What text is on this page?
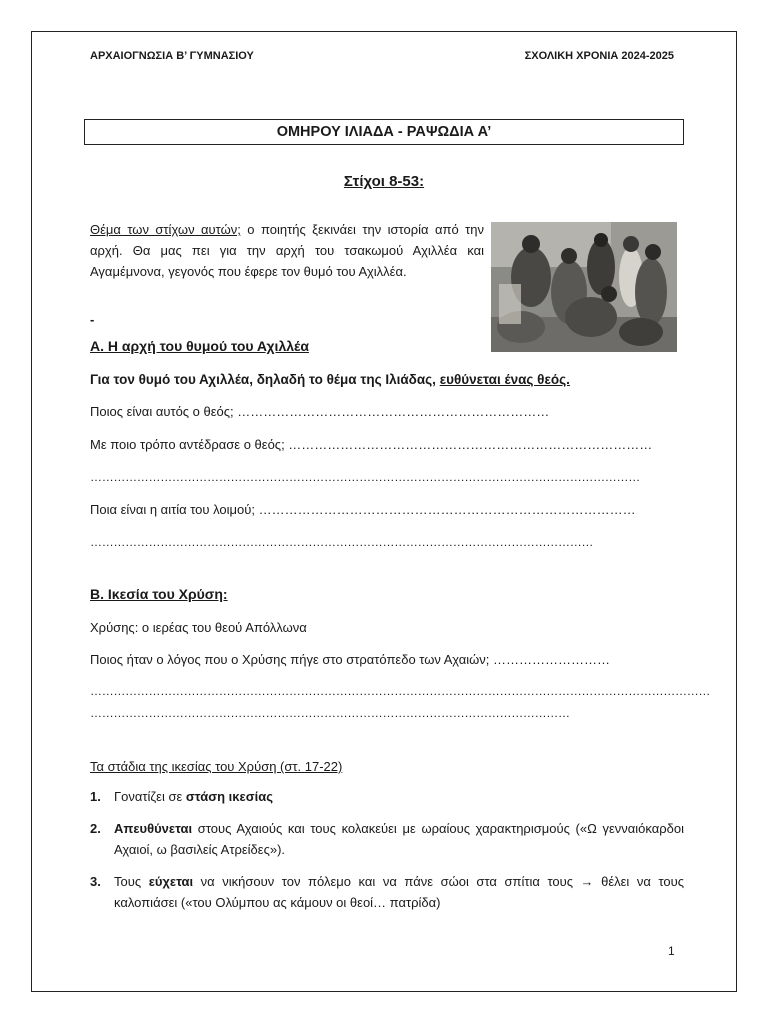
ΑΡΧΑΙΟΓΝΩΣΙΑ Β’ ΓΥΜΝΑΣΙΟΥ	ΣΧΟΛΙΚΗ ΧΡΟΝΙΑ 2024-2025
ΟΜΗΡΟΥ ΙΛΙΑΔΑ - ΡΑΨΩΔΙΑ Α’
Στίχοι 8-53:
Θέμα των στίχων αυτών; ο ποιητής ξεκινάει την ιστορία από την αρχή. Θα μας πει για την αρχή του τσακωμού Αχιλλέα και Αγαμέμνονα, γεγονός που έφερε τον θυμό του Αχιλλέα.
-
Α. Η αρχή του θυμού του Αχιλλέα
Για τον θυμό του Αχιλλέα, δηλαδή το θέμα της Ιλιάδας, ευθύνεται ένας θεός.
Ποιος είναι αυτός ο θεός; ………………………………………………………………
Με ποιο τρόπο αντέδρασε ο θεός; …………………………………………………………………………
……………………………………………………………………………………………………………………………
Ποια είναι η αιτία του λοιμού; ……………………………………………………………………………
…………………………………………………………………………………………………………………
Β. Ικεσία του Χρύση:
Χρύσης: ο ιερέας του θεού Απόλλωνα
Ποιος ήταν ο λόγος που ο Χρύσης πήγε στο στρατόπεδο των Αχαιών; ………………………
……………………………………………………………………………………………………………………………………………
……………………………………………………………………………………………………………
Τα στάδια της ικεσίας του Χρύση (στ. 17-22)
1. Γονατίζει σε στάση ικεσίας
2. Απευθύνεται στους Αχαιούς και τους κολακεύει με ωραίους χαρακτηρισμούς («Ω γενναιόκαρδοι Αχαιοί, ω βασιλείς Ατρείδες»).
3. Τους εύχεται να νικήσουν τον πόλεμο και να πάνε σώοι στα σπίτια τους → θέλει να τους καλοπιάσει («του Ολύμπου ας κάμουν οι θεοί… πατρίδα)
1
